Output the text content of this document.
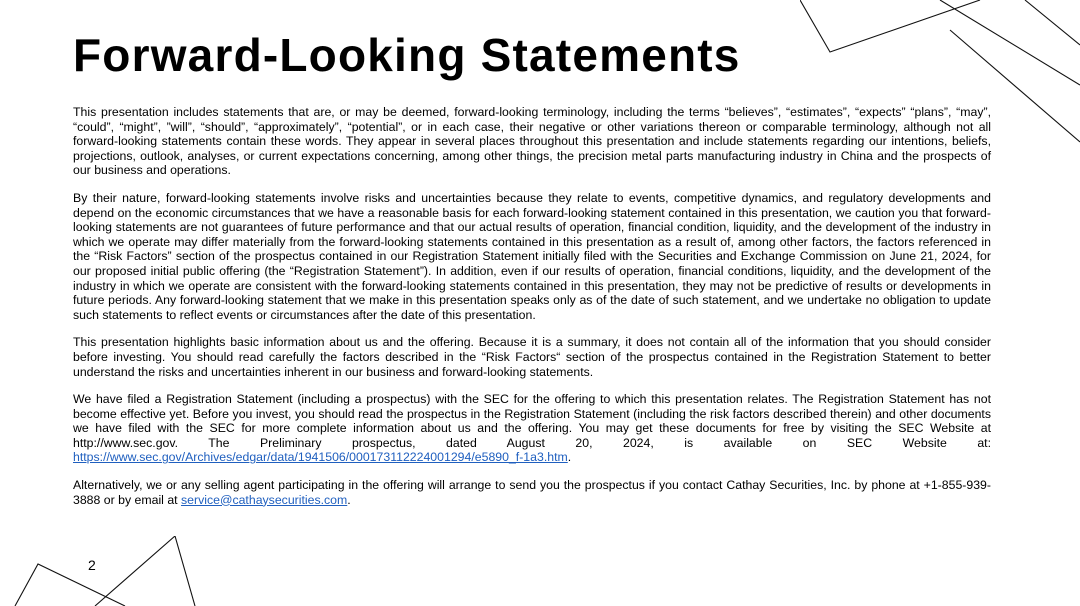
Forward-Looking Statements

This presentation includes statements that are, or may be deemed, forward-looking terminology, including the terms “believes”, “estimates”, “expects” “plans”, “may”, “could”, “might”, ”will”, “should”, “approximately”, “potential”, or in each case, their negative or other variations thereon or comparable terminology, although not all forward-looking statements contain these words. They appear in several places throughout this presentation and include statements regarding our intentions, beliefs, projections, outlook, analyses, or current expectations concerning, among other things, the precision metal parts manufacturing industry in China and the prospects of our business and operations.

By their nature, forward-looking statements involve risks and uncertainties because they relate to events, competitive dynamics, and regulatory developments and depend on the economic circumstances that we have a reasonable basis for each forward-looking statement contained in this presentation, we caution you that forward-looking statements are not guarantees of future performance and that our actual results of operation, financial condition, liquidity, and the development of the industry in which we operate may differ materially from the forward-looking statements contained in this presentation as a result of, among other factors, the factors referenced in the “Risk Factors” section of the prospectus contained in our Registration Statement initially filed with the Securities and Exchange Commission on June 21, 2024, for our proposed initial public offering (the “Registration Statement”). In addition, even if our results of operation, financial conditions, liquidity, and the development of the industry in which we operate are consistent with the forward-looking statements contained in this presentation, they may not be predictive of results or developments in future periods. Any forward-looking statement that we make in this presentation speaks only as of the date of such statement, and we undertake no obligation to update such statements to reflect events or circumstances after the date of this presentation.

This presentation highlights basic information about us and the offering. Because it is a summary, it does not contain all of the information that you should consider before investing. You should read carefully the factors described in the “Risk Factors“ section of the prospectus contained in the Registration Statement to better understand the risks and uncertainties inherent in our business and forward-looking statements.

We have filed a Registration Statement (including a prospectus) with the SEC for the offering to which this presentation relates. The Registration Statement has not become effective yet. Before you invest, you should read the prospectus in the Registration Statement (including the risk factors described therein) and other documents we have filed with the SEC for more complete information about us and the offering. You may get these documents for free by visiting the SEC Website at http://www.sec.gov. The Preliminary prospectus, dated August 20, 2024, is available on SEC Website at: https://www.sec.gov/Archives/edgar/data/1941506/000173112224001294/e5890_f-1a3.htm.

Alternatively, we or any selling agent participating in the offering will arrange to send you the prospectus if you contact Cathay Securities, Inc. by phone at +1-855-939-3888 or by email at service@cathaysecurities.com.

2
